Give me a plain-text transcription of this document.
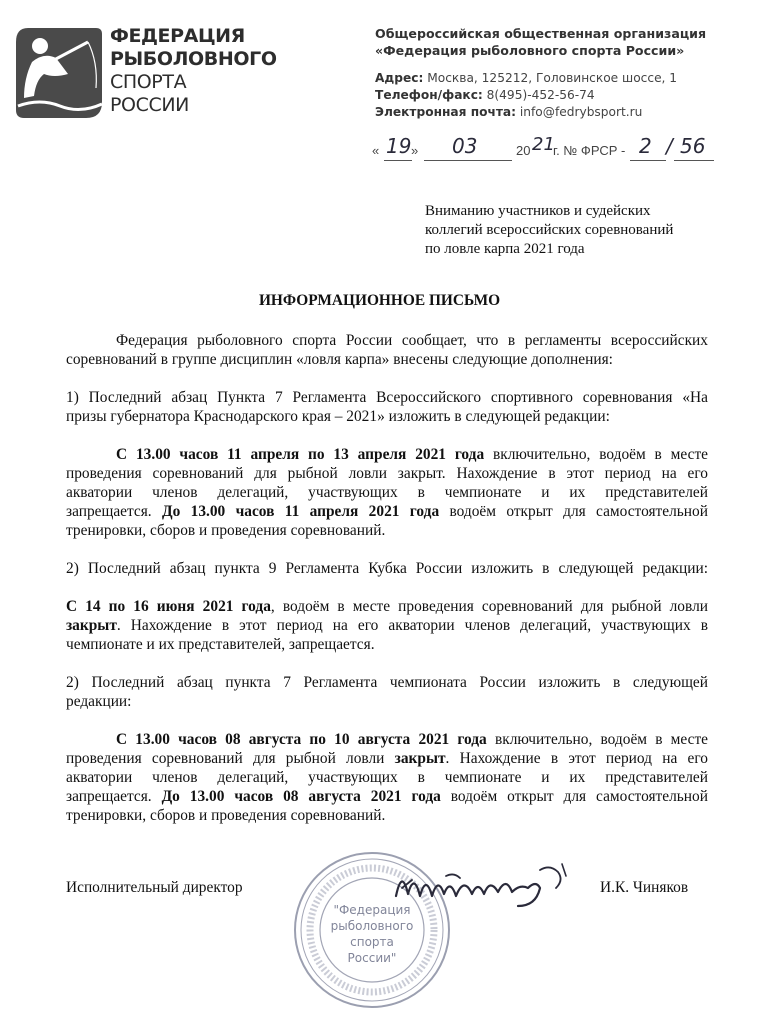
ФЕДЕРАЦИЯ
РЫБОЛОВНОГО
СПОРТА
РОССИИ
Общероссийская общественная организация
«Федерация рыболовного спорта России»
Адрес: Москва, 125212, Головинское шоссе, 1
Телефон/факс: 8(495)-452-56-74
Электронная почта: info@fedrybsport.ru
« 19 » 03	20 21
г. № ФРСР - 2 / 56
Вниманию участников и судейских
коллегий всероссийских соревнований
по ловле карпа 2021 года
ИНФОРМАЦИОННОЕ ПИСЬМО
Федерация рыболовного спорта России сообщает, что в регламенты всероссийских
соревнований в группе дисциплин «ловля карпа» внесены следующие дополнения:
1) Последний абзац Пункта 7 Регламента Всероссийского спортивного соревнования «На
призы губернатора Краснодарского края – 2021» изложить в следующей редакции:
С 13.00 часов 11 апреля по 13 апреля 2021 года включительно, водоём в месте
проведения соревнований для рыбной ловли закрыт. Нахождение в этот период на его
акватории членов делегаций, участвующих в чемпионате и их представителей
запрещается. До 13.00 часов 11 апреля 2021 года водоём открыт для самостоятельной
тренировки, сборов и проведения соревнований.
2) Последний абзац пункта 9 Регламента Кубка России изложить в следующей редакции:
С 14 по 16 июня 2021 года, водоём в месте проведения соревнований для рыбной ловли
закрыт. Нахождение в этот период на его акватории членов делегаций, участвующих в
чемпионате и их представителей, запрещается.
2) Последний абзац пункта 7 Регламента чемпионата России изложить в следующей
редакции:
С 13.00 часов 08 августа по 10 августа 2021 года включительно, водоём в месте
проведения соревнований для рыбной ловли закрыт. Нахождение в этот период на его
акватории членов делегаций, участвующих в чемпионате и их представителей
запрещается. До 13.00 часов 08 августа 2021 года водоём открыт для самостоятельной
тренировки, сборов и проведения соревнований.
"Федерация
рыболовного
спорта
России"
Исполнительный директор	И.К. Чиняков
